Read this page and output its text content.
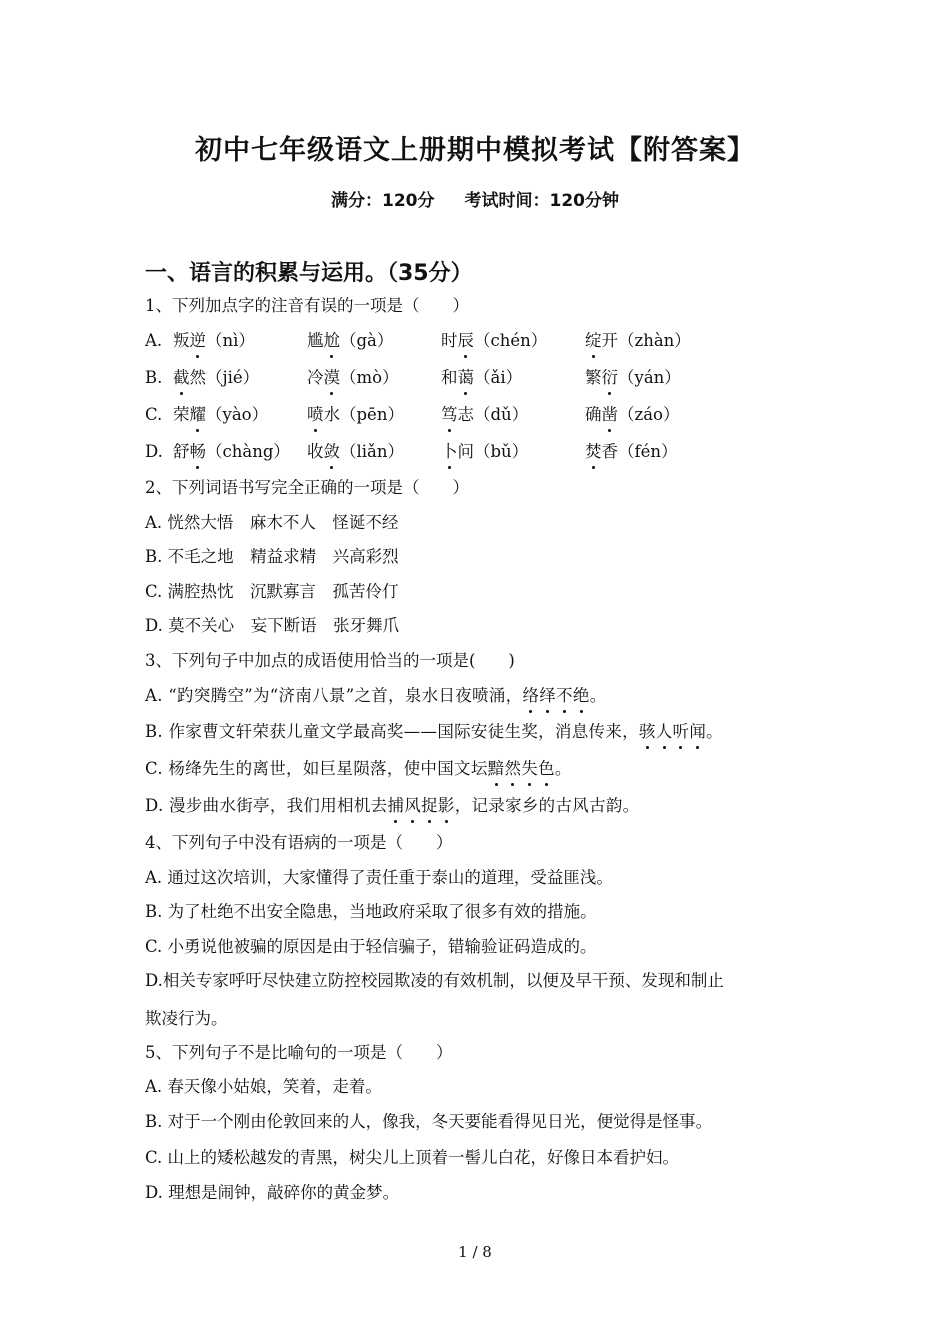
初中七年级语文上册期中模拟考试【附答案】
满分：120分 考试时间：120分钟
一、语言的积累与运用。（35分）
1、下列加点字的注音有误的一项是（　　）
A. 叛逆（nì）	尴尬（gà）	时辰（chén） 绽开（zhàn）
B. 截然（jié）	冷漠（mò）	和蔼（ǎi）	繁衍（yán）
C. 荣耀（yào） 喷水（pēn） 笃志（dǔ）	确凿（záo）
D. 舒畅（chàng） 收敛（liǎn） 卜问（bǔ）	焚香（fén）
2、下列词语书写完全正确的一项是（　　）
A. 恍然大悟　麻木不人　怪诞不经
B. 不毛之地　精益求精　兴高彩烈
C. 满腔热忱　沉默寡言　孤苦伶仃
D. 莫不关心　妄下断语　张牙舞爪
3、下列句子中加点的成语使用恰当的一项是(　　)
A. “趵突腾空”为“济南八景”之首，泉水日夜喷涌，络绎不绝。
B. 作家曹文轩荣获儿童文学最高奖——国际安徒生奖，消息传来，骇人听闻。
C. 杨绛先生的离世，如巨星陨落，使中国文坛黯然失色。
D. 漫步曲水街亭，我们用相机去捕风捉影，记录家乡的古风古韵。
4、下列句子中没有语病的一项是（　　）
A. 通过这次培训，大家懂得了责任重于泰山的道理，受益匪浅。
B. 为了杜绝不出安全隐患，当地政府采取了很多有效的措施。
C. 小勇说他被骗的原因是由于轻信骗子，错输验证码造成的。
D.相关专家呼吁尽快建立防控校园欺凌的有效机制，以便及早干预、发现和制止
欺凌行为。
5、下列句子不是比喻句的一项是（　　）
A. 春天像小姑娘，笑着，走着。
B. 对于一个刚由伦敦回来的人，像我，冬天要能看得见日光，便觉得是怪事。
C. 山上的矮松越发的青黑，树尖儿上顶着一髻儿白花，好像日本看护妇。
D. 理想是闹钟，敲碎你的黄金梦。
1 / 8
